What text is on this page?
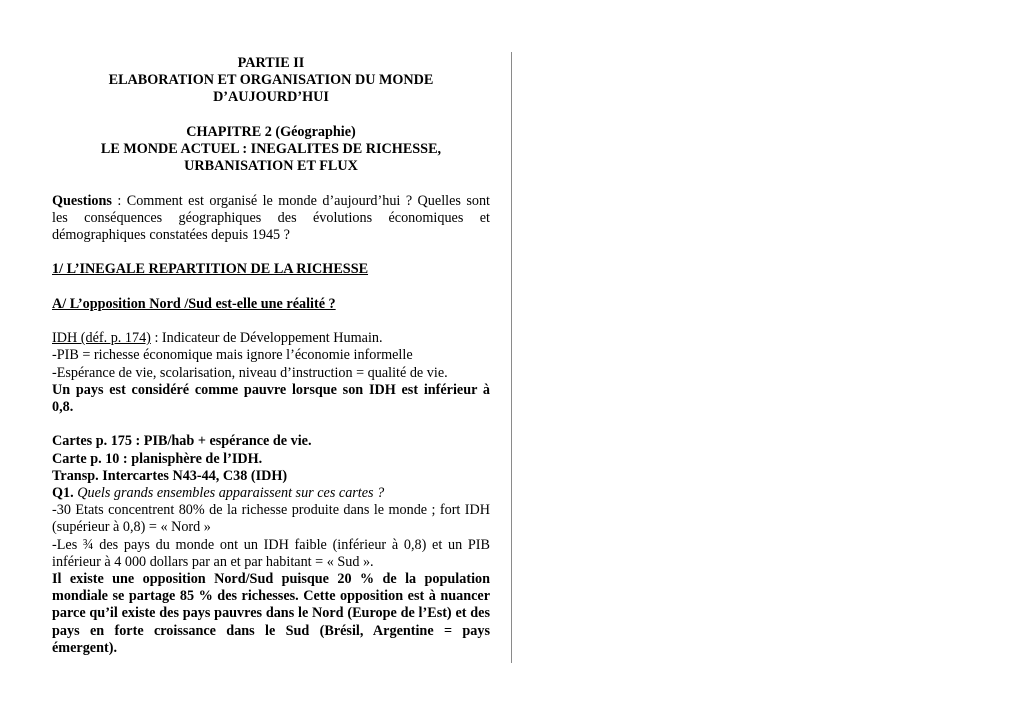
PARTIE II
ELABORATION ET ORGANISATION DU MONDE
D’AUJOURD’HUI
CHAPITRE 2 (Géographie)
LE MONDE ACTUEL : INEGALITES DE RICHESSE,
URBANISATION ET FLUX

Questions : Comment est organisé le monde d’aujourd’hui ? Quelles sont les conséquences géographiques des évolutions économiques et démographiques constatées depuis 1945 ?

1/ L’INEGALE REPARTITION DE LA RICHESSE

A/ L’opposition Nord /Sud est-elle une réalité ?

IDH (déf. p. 174) : Indicateur de Développement Humain.

-PIB = richesse économique mais ignore l’économie informelle

-Espérance de vie, scolarisation, niveau d’instruction = qualité de vie.

Un pays est considéré comme pauvre lorsque son IDH est inférieur à 0,8.

Cartes p. 175 : PIB/hab + espérance de vie.

Carte p. 10 : planisphère de l’IDH.

Transp. Intercartes N43-44, C38 (IDH)

Q1. Quels grands ensembles apparaissent sur ces cartes ?

-30 Etats concentrent 80% de la richesse produite dans le monde ; fort IDH (supérieur à 0,8) = « Nord »

-Les ¾ des pays du monde ont un IDH faible (inférieur à 0,8) et un PIB inférieur à 4 000 dollars par an et par habitant = « Sud ».

Il existe une opposition Nord/Sud puisque 20 % de la population mondiale se partage 85 % des richesses. Cette opposition est à nuancer parce qu’il existe des pays pauvres dans le Nord (Europe de l’Est) et des pays en forte croissance dans le Sud (Brésil, Argentine = pays émergent).
